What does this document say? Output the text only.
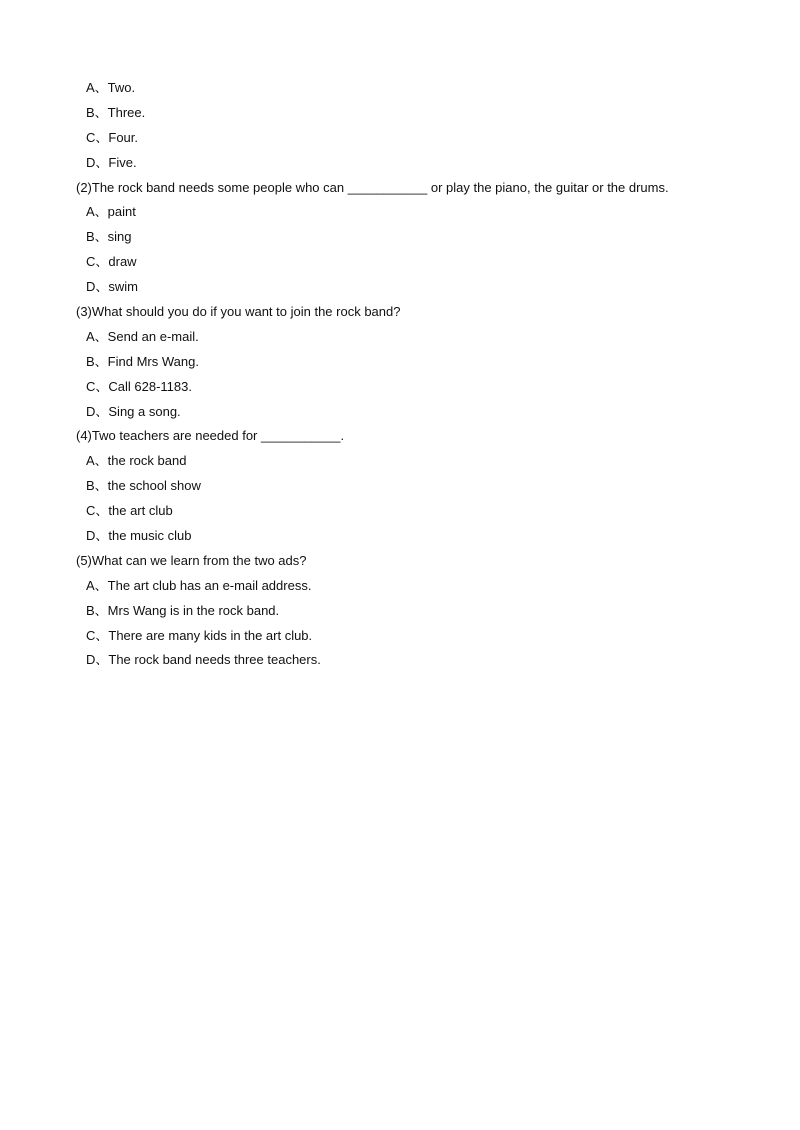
A、Two.
B、Three.
C、Four.
D、Five.
(2)The rock band needs some people who can ___________ or play the piano, the guitar or the drums.
A、paint
B、sing
C、draw
D、swim
(3)What should you do if you want to join the rock band?
A、Send an e-mail.
B、Find Mrs Wang.
C、Call 628-1183.
D、Sing a song.
(4)Two teachers are needed for ___________.
A、the rock band
B、the school show
C、the art club
D、the music club
(5)What can we learn from the two ads?
A、The art club has an e-mail address.
B、Mrs Wang is in the rock band.
C、There are many kids in the art club.
D、The rock band needs three teachers.
